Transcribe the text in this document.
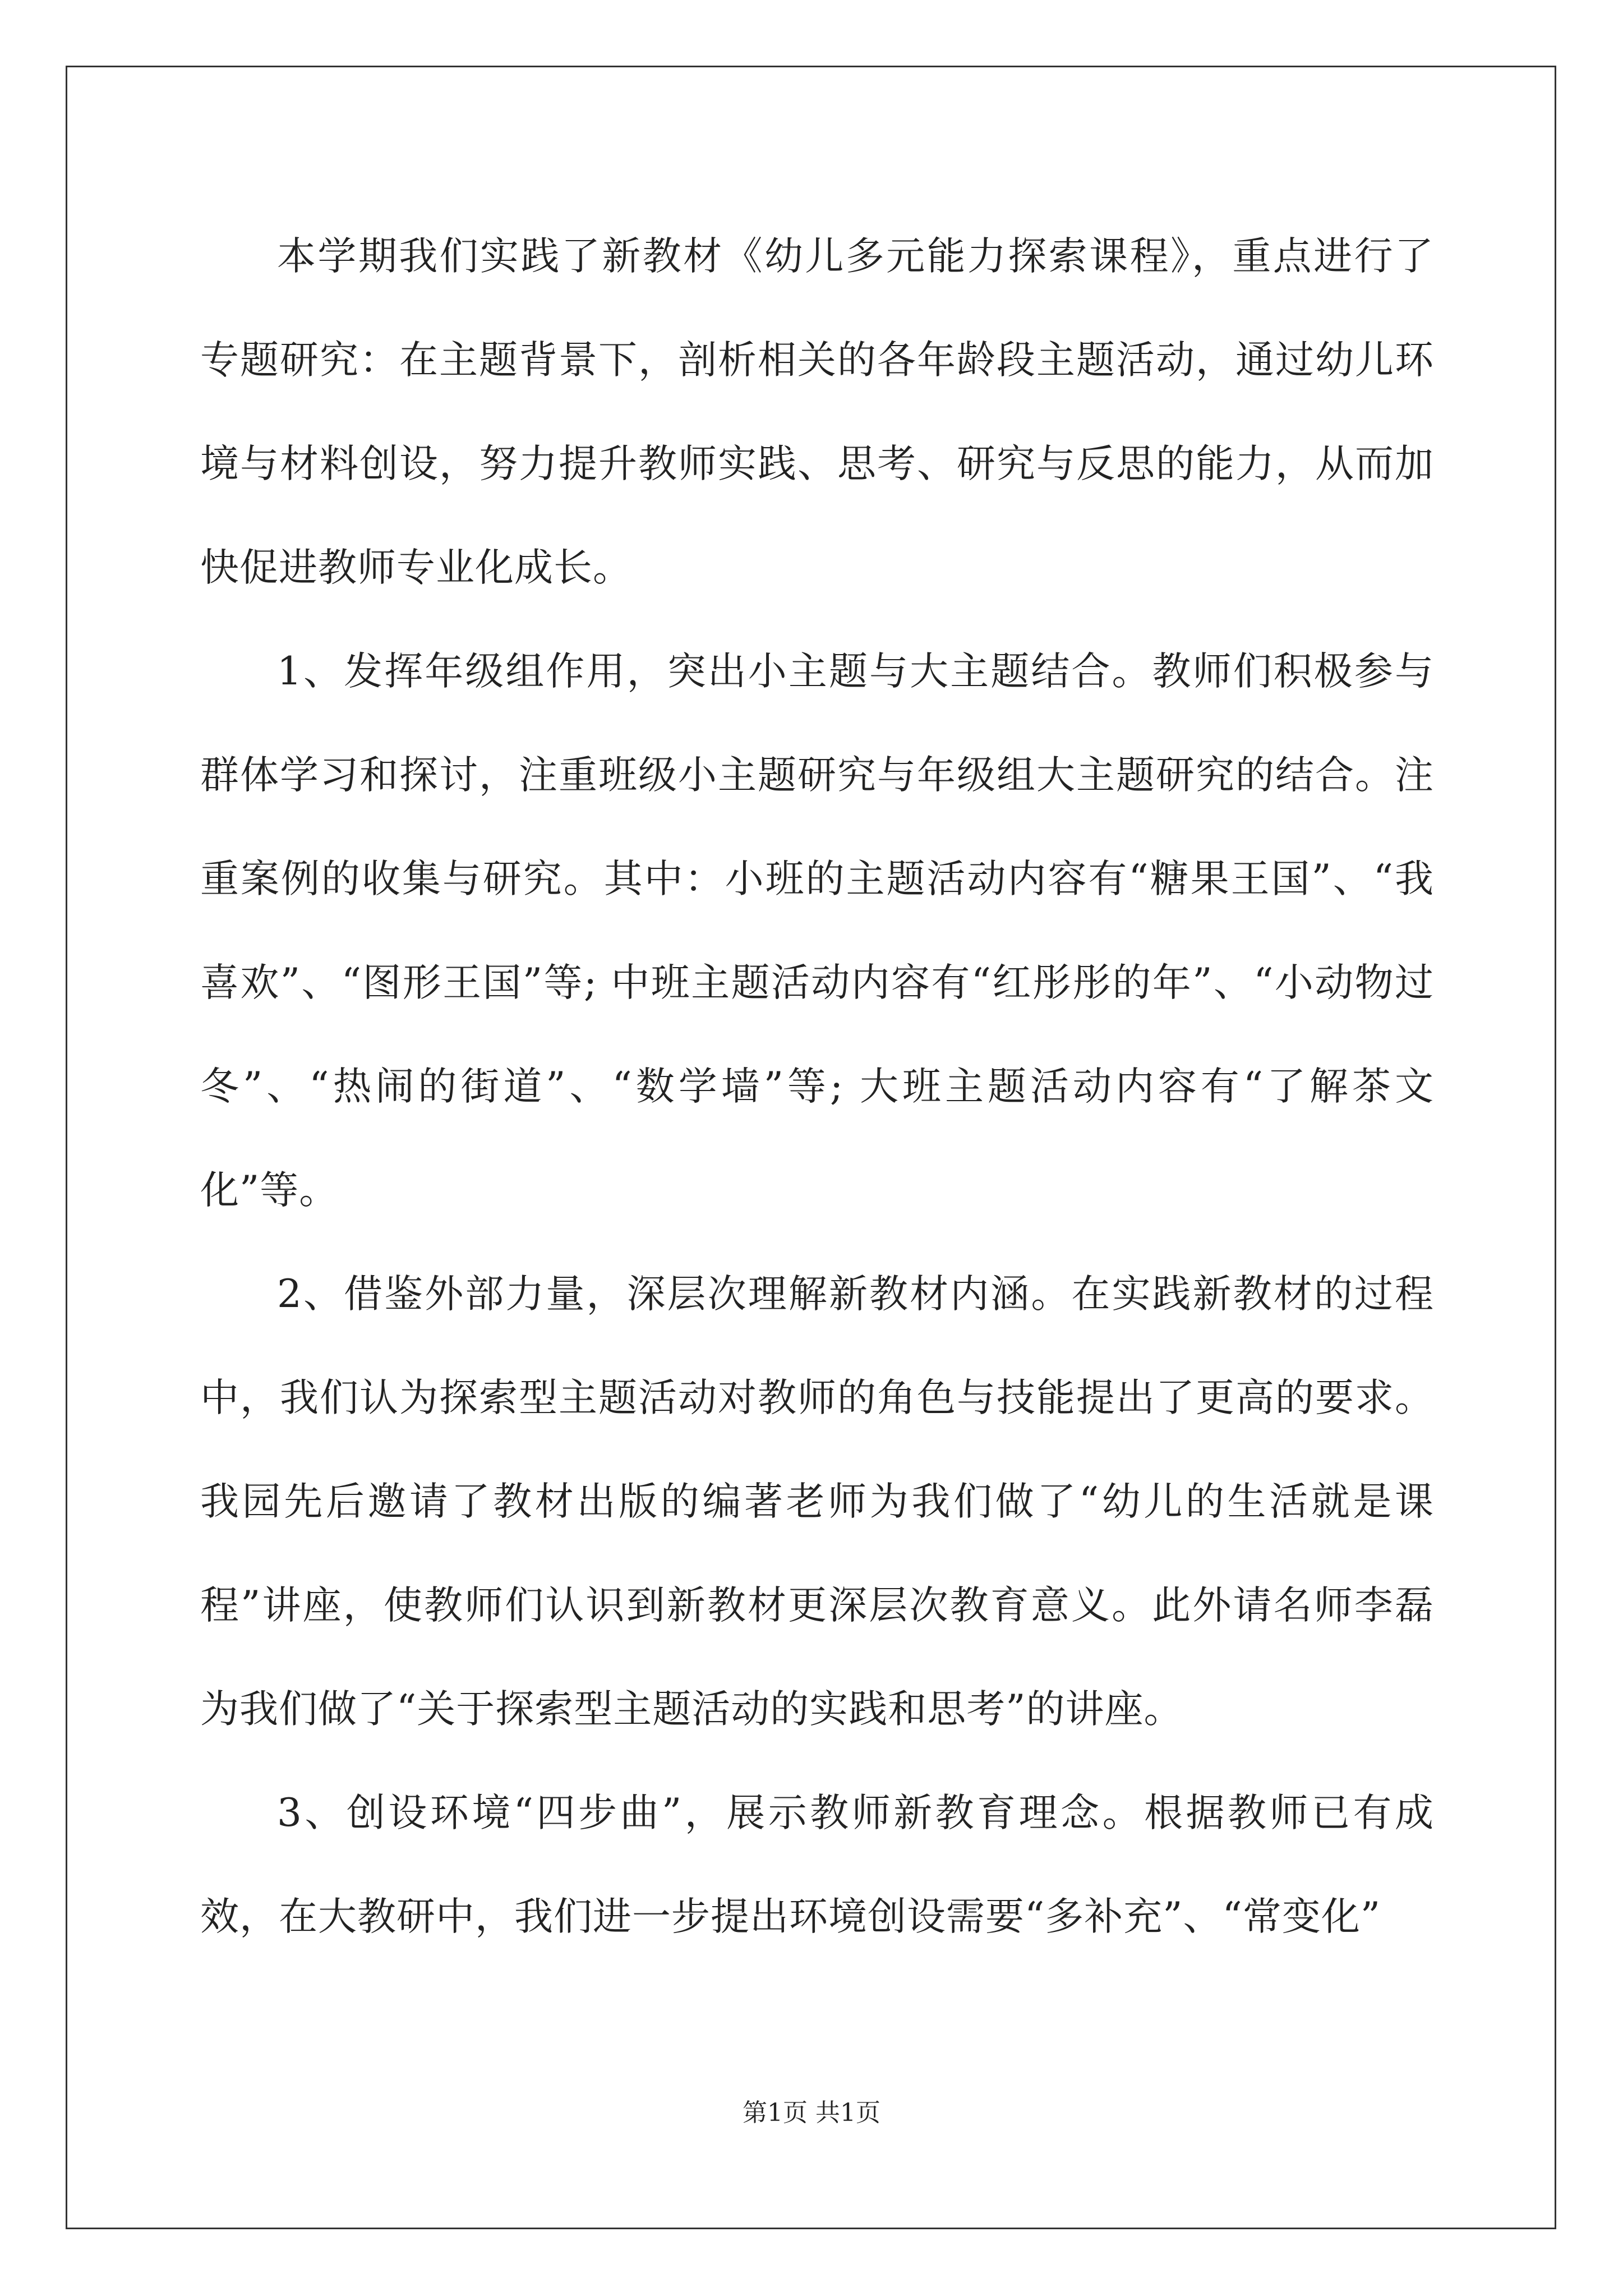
本学期我们实践了新教材《幼儿多元能力探索课程》，重点进行了专题研究：在主题背景下，剖析相关的各年龄段主题活动，通过幼儿环境与材料创设，努力提升教师实践、思考、研究与反思的能力，从而加快促进教师专业化成长。

1、发挥年级组作用，突出小主题与大主题结合。教师们积极参与群体学习和探讨，注重班级小主题研究与年级组大主题研究的结合。注重案例的收集与研究。其中：小班的主题活动内容有“糖果王国”、“我喜欢”、“图形王国”等; 中班主题活动内容有“红彤彤的年”、“小动物过冬”、“热闹的街道”、“数学墙”等; 大班主题活动内容有“了解茶文化”等。

2、借鉴外部力量，深层次理解新教材内涵。在实践新教材的过程中，我们认为探索型主题活动对教师的角色与技能提出了更高的要求。我园先后邀请了教材出版的编著老师为我们做了“幼儿的生活就是课程”讲座，使教师们认识到新教材更深层次教育意义。此外请名师李磊为我们做了“关于探索型主题活动的实践和思考”的讲座。

3、创设环境“四步曲”，展示教师新教育理念。根据教师已有成效，在大教研中，我们进一步提出环境创设需要“多补充”、“常变化”

第1页 共1页
